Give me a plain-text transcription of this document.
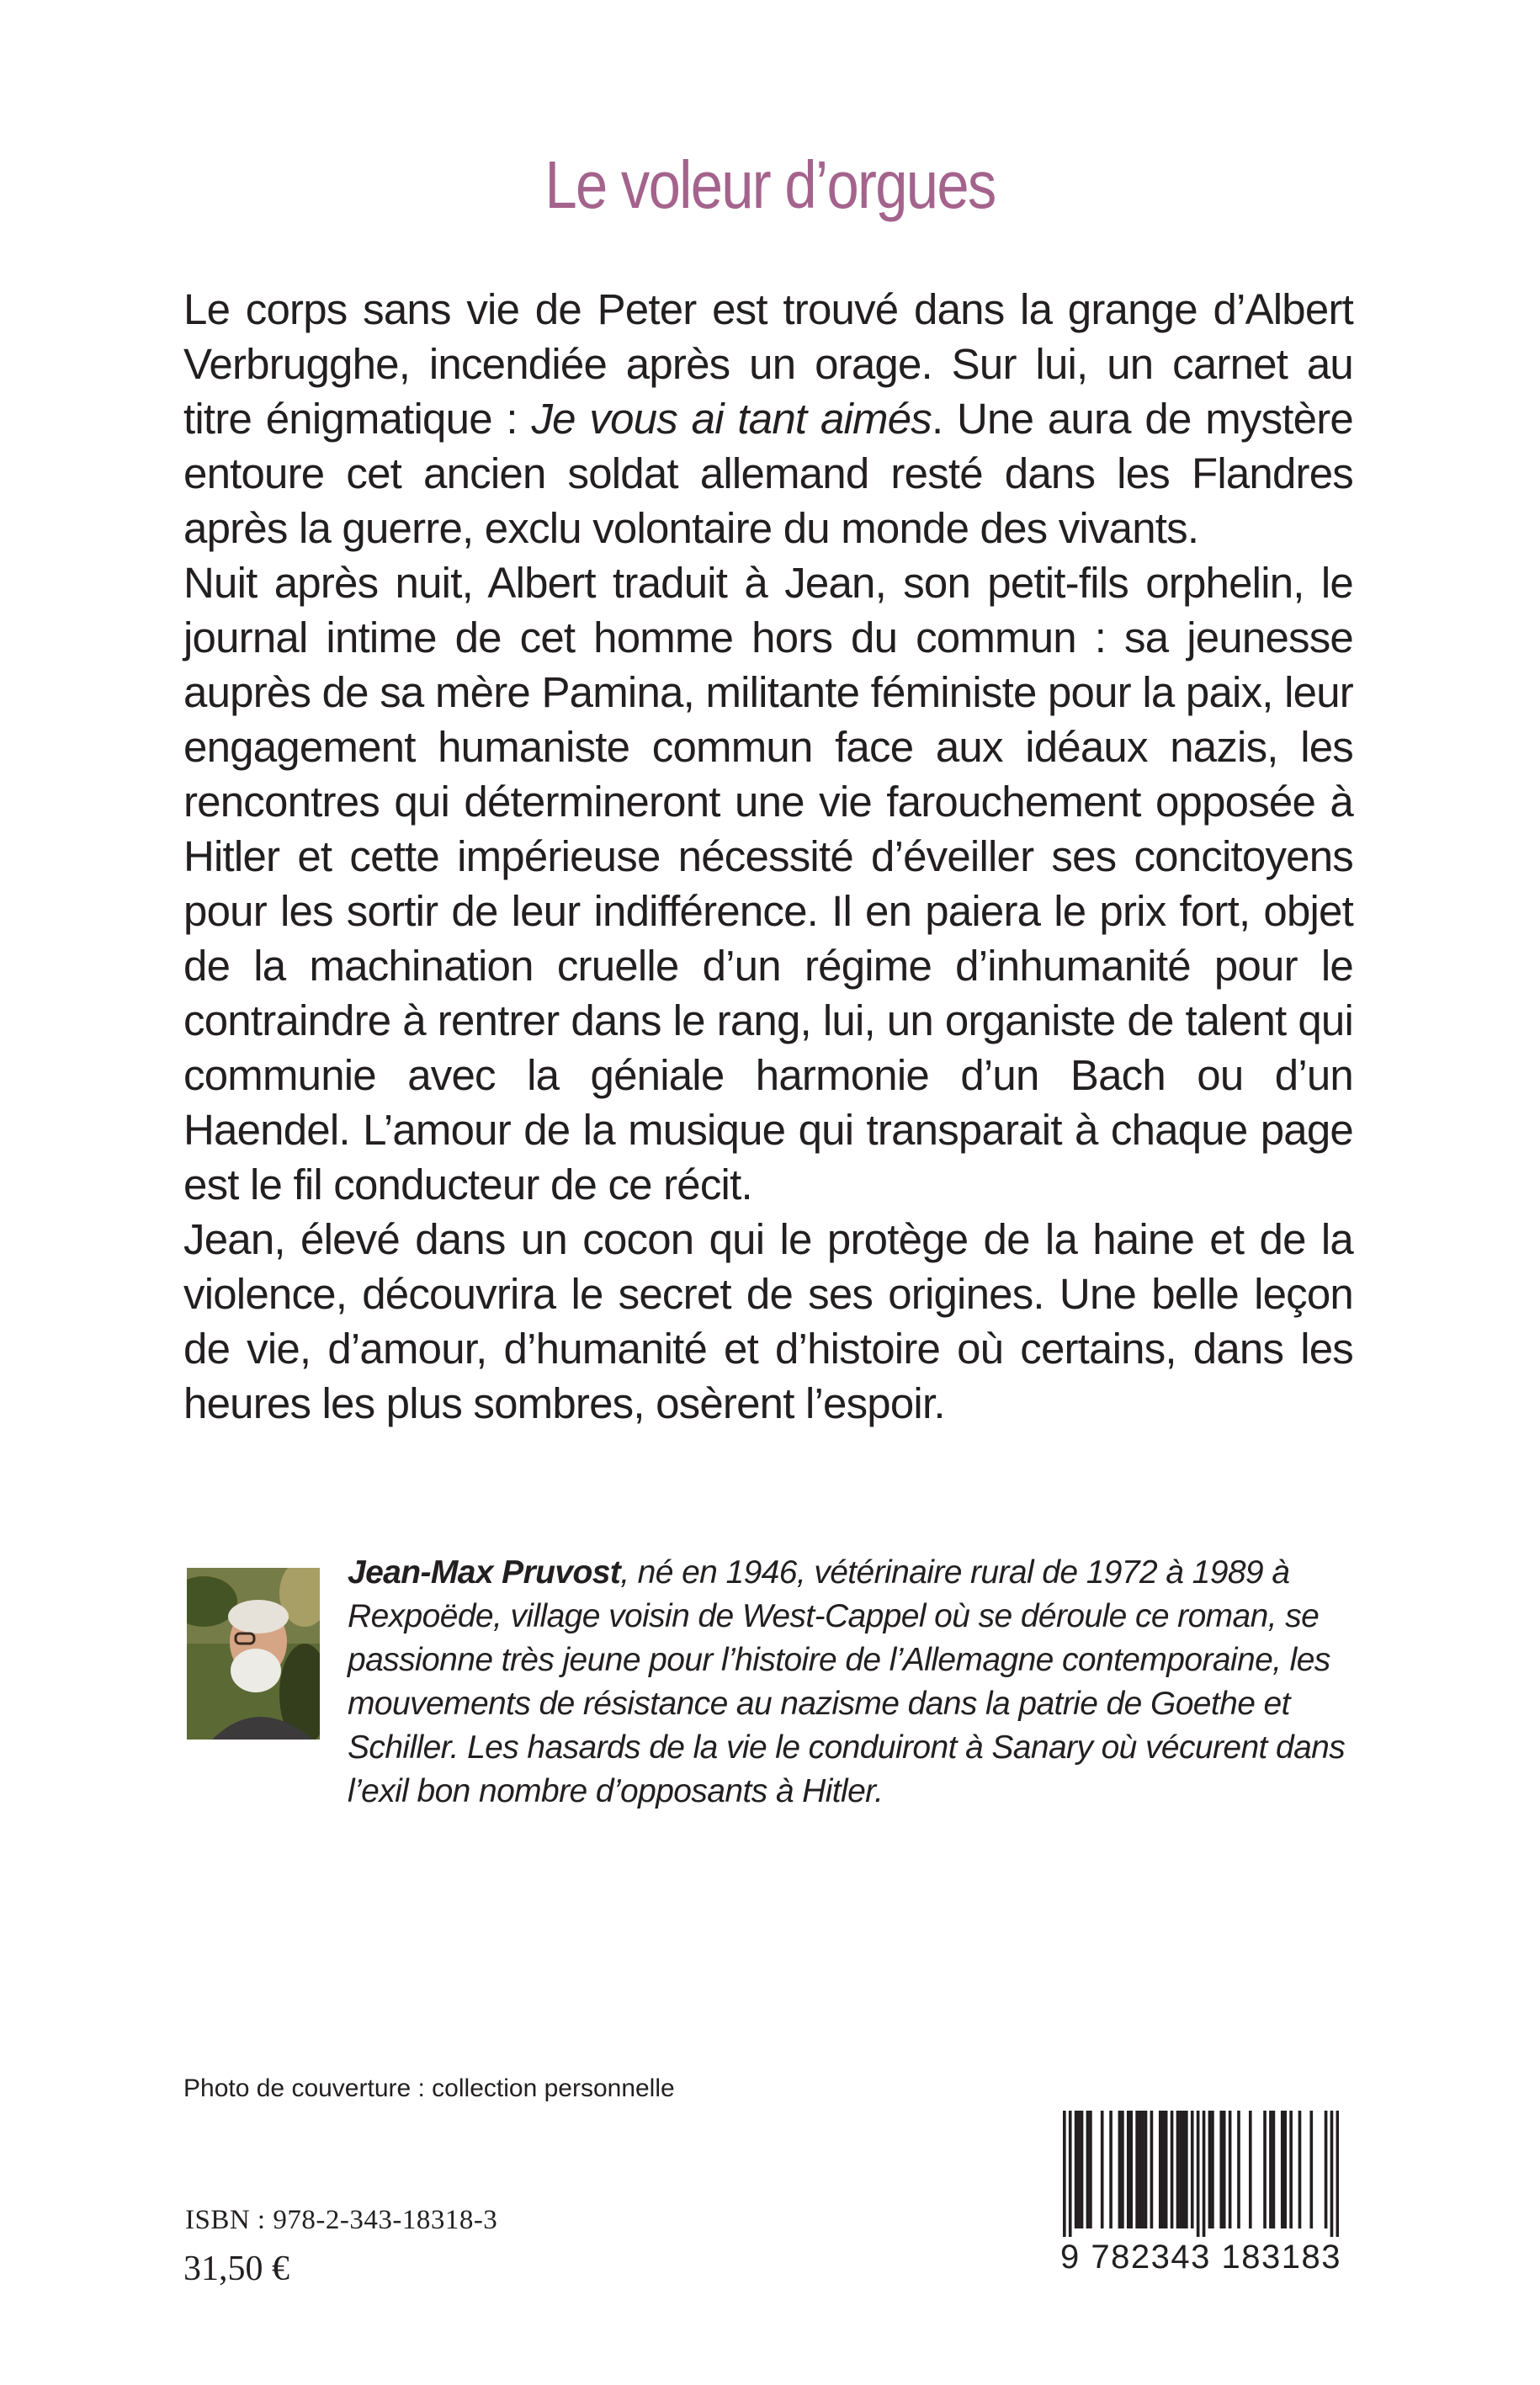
Le voleur d’orgues

Le corps sans vie de Peter est trouvé dans la grange d’Albert Verbrugghe, incendiée après un orage. Sur lui, un carnet au titre énigmatique : Je vous ai tant aimés. Une aura de mystère entoure cet ancien soldat allemand resté dans les Flandres après la guerre, exclu volontaire du monde des vivants.

Nuit après nuit, Albert traduit à Jean, son petit-fils orphelin, le journal intime de cet homme hors du commun : sa jeunesse auprès de sa mère Pamina, militante féministe pour la paix, leur engagement humaniste commun face aux idéaux nazis, les rencontres qui détermineront une vie farouchement opposée à Hitler et cette impérieuse nécessité d’éveiller ses concitoyens pour les sortir de leur indifférence. Il en paiera le prix fort, objet de la machination cruelle d’un régime d’inhumanité pour le contraindre à rentrer dans le rang, lui, un organiste de talent qui communie avec la géniale harmonie d’un Bach ou d’un Haendel. L’amour de la musique qui transparait à chaque page est le fil conducteur de ce récit.

Jean, élevé dans un cocon qui le protège de la haine et de la violence, découvrira le secret de ses origines. Une belle leçon de vie, d’amour, d’humanité et d’histoire où certains, dans les heures les plus sombres, osèrent l’espoir.

Jean-Max Pruvost, né en 1946, vétérinaire rural de 1972 à 1989 à Rexpoëde, village voisin de West-Cappel où se déroule ce roman, se passionne très jeune pour l’histoire de l’Allemagne contemporaine, les mouvements de résistance au nazisme dans la patrie de Goethe et Schiller. Les hasards de la vie le conduiront à Sanary où vécurent dans l’exil bon nombre d’opposants à Hitler.

Photo de couverture : collection personnelle
ISBN : 978-2-343-18318-3
31,50 €	9 782343 183183
